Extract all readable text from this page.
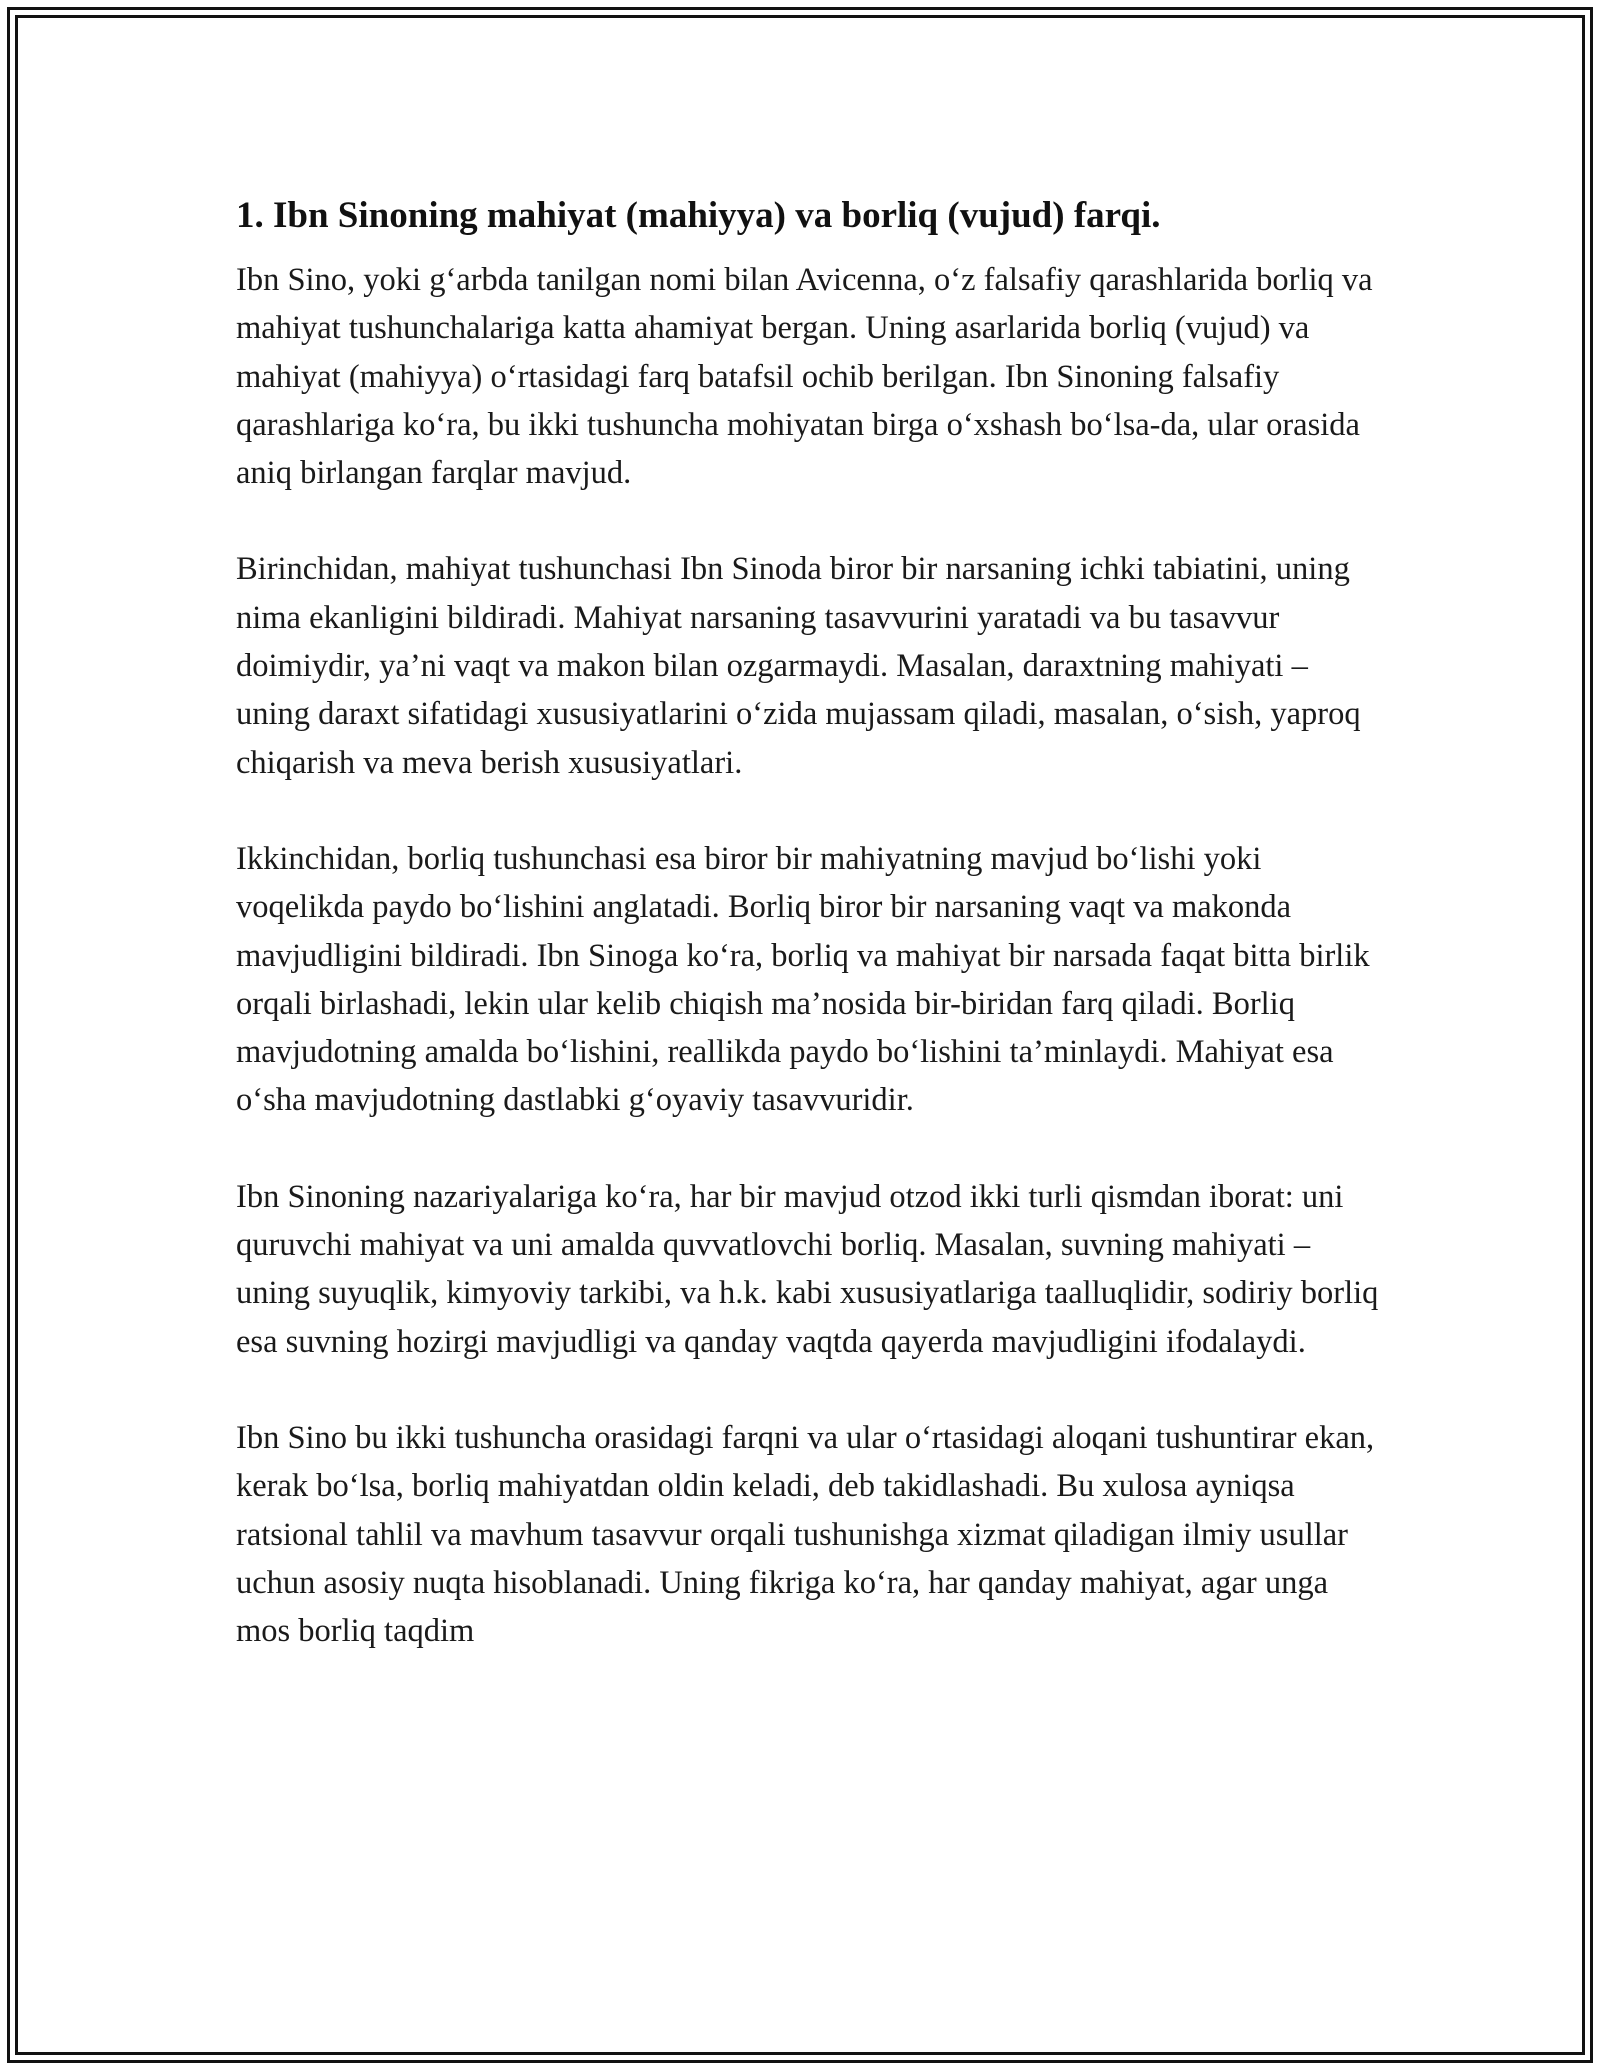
1. Ibn Sinoning mahiyat (mahiyya) va borliq (vujud) farqi.

Ibn Sino, yoki g‘arbda tanilgan nomi bilan Avicenna, o‘z falsafiy qarashlarida borliq va mahiyat tushunchalariga katta ahamiyat bergan. Uning asarlarida borliq (vujud) va mahiyat (mahiyya) o‘rtasidagi farq batafsil ochib berilgan. Ibn Sinoning falsafiy qarashlariga ko‘ra, bu ikki tushuncha mohiyatan birga o‘xshash bo‘lsa-da, ular orasida aniq birlangan farqlar mavjud.

Birinchidan, mahiyat tushunchasi Ibn Sinoda biror bir narsaning ichki tabiatini, uning nima ekanligini bildiradi. Mahiyat narsaning tasavvurini yaratadi va bu tasavvur doimiydir, ya’ni vaqt va makon bilan ozgarmaydi. Masalan, daraxtning mahiyati – uning daraxt sifatidagi xususiyatlarini o‘zida mujassam qiladi, masalan, o‘sish, yaproq chiqarish va meva berish xususiyatlari.

Ikkinchidan, borliq tushunchasi esa biror bir mahiyatning mavjud bo‘lishi yoki voqelikda paydo bo‘lishini anglatadi. Borliq biror bir narsaning vaqt va makonda mavjudligini bildiradi. Ibn Sinoga ko‘ra, borliq va mahiyat bir narsada faqat bitta birlik orqali birlashadi, lekin ular kelib chiqish ma’nosida bir-biridan farq qiladi. Borliq mavjudotning amalda bo‘lishini, reallikda paydo bo‘lishini ta’minlaydi. Mahiyat esa o‘sha mavjudotning dastlabki g‘oyaviy tasavvuridir.

Ibn Sinoning nazariyalariga ko‘ra, har bir mavjud otzod ikki turli qismdan iborat: uni quruvchi mahiyat va uni amalda quvvatlovchi borliq. Masalan, suvning mahiyati – uning suyuqlik, kimyoviy tarkibi, va h.k. kabi xususiyatlariga taalluqlidir, sodiriy borliq esa suvning hozirgi mavjudligi va qanday vaqtda qayerda mavjudligini ifodalaydi.

Ibn Sino bu ikki tushuncha orasidagi farqni va ular o‘rtasidagi aloqani tushuntirar ekan, kerak bo‘lsa, borliq mahiyatdan oldin keladi, deb takidlashadi. Bu xulosa ayniqsa ratsional tahlil va mavhum tasavvur orqali tushunishga xizmat qiladigan ilmiy usullar uchun asosiy nuqta hisoblanadi. Uning fikriga ko‘ra, har qanday mahiyat, agar unga mos borliq taqdim
